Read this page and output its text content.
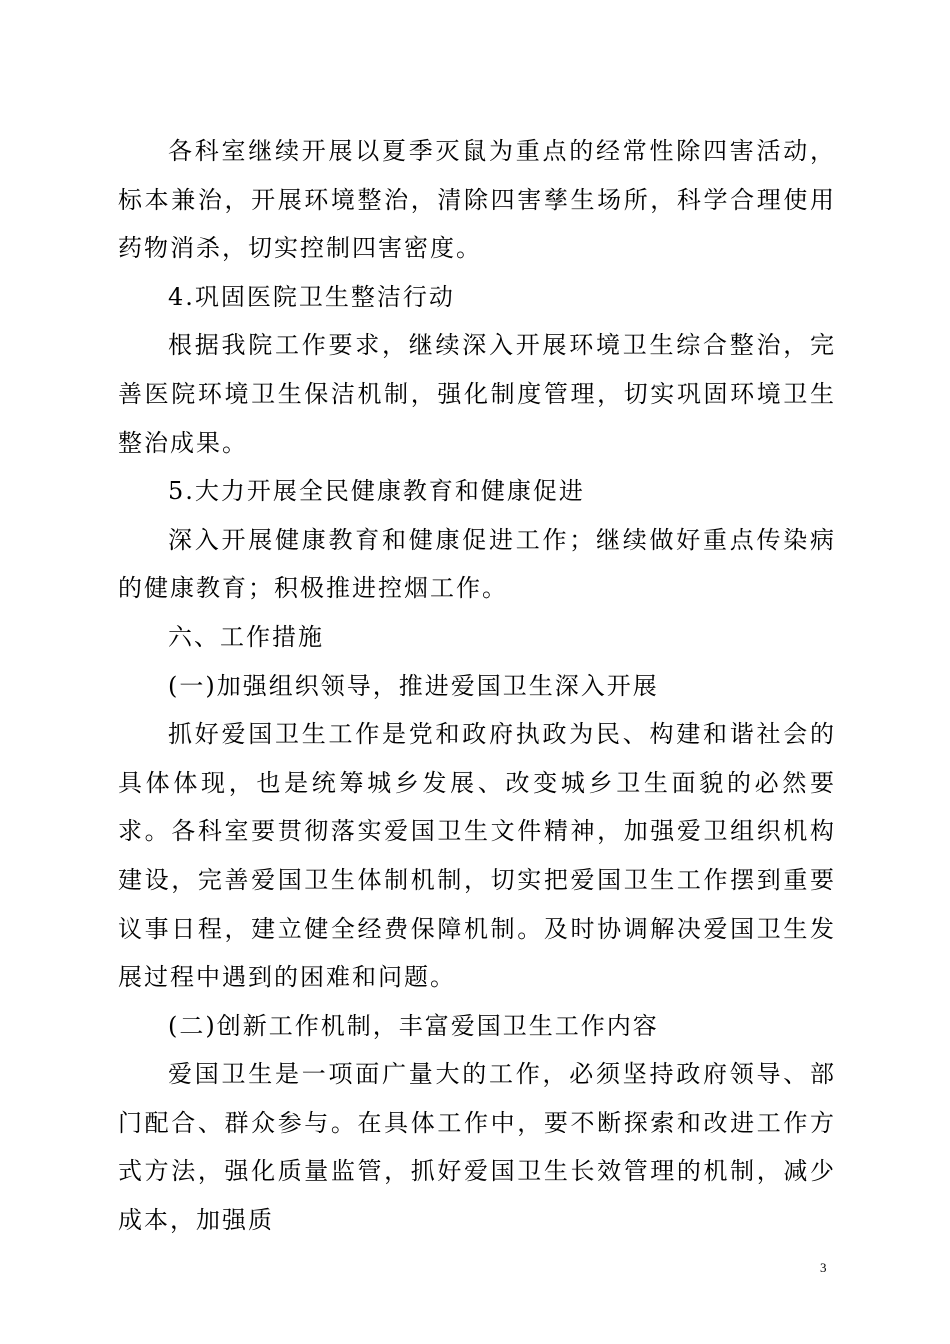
各科室继续开展以夏季灭鼠为重点的经常性除四害活动，标本兼治，开展环境整治，清除四害孳生场所，科学合理使用药物消杀，切实控制四害密度。

4.巩固医院卫生整洁行动

根据我院工作要求，继续深入开展环境卫生综合整治，完善医院环境卫生保洁机制，强化制度管理，切实巩固环境卫生整治成果。

5.大力开展全民健康教育和健康促进

深入开展健康教育和健康促进工作；继续做好重点传染病的健康教育；积极推进控烟工作。

六、工作措施

(一)加强组织领导，推进爱国卫生深入开展

抓好爱国卫生工作是党和政府执政为民、构建和谐社会的具体体现，也是统筹城乡发展、改变城乡卫生面貌的必然要求。各科室要贯彻落实爱国卫生文件精神，加强爱卫组织机构建设，完善爱国卫生体制机制，切实把爱国卫生工作摆到重要议事日程，建立健全经费保障机制。及时协调解决爱国卫生发展过程中遇到的困难和问题。

(二)创新工作机制，丰富爱国卫生工作内容

爱国卫生是一项面广量大的工作，必须坚持政府领导、部门配合、群众参与。在具体工作中，要不断探索和改进工作方式方法，强化质量监管，抓好爱国卫生长效管理的机制，减少成本，加强质

3
